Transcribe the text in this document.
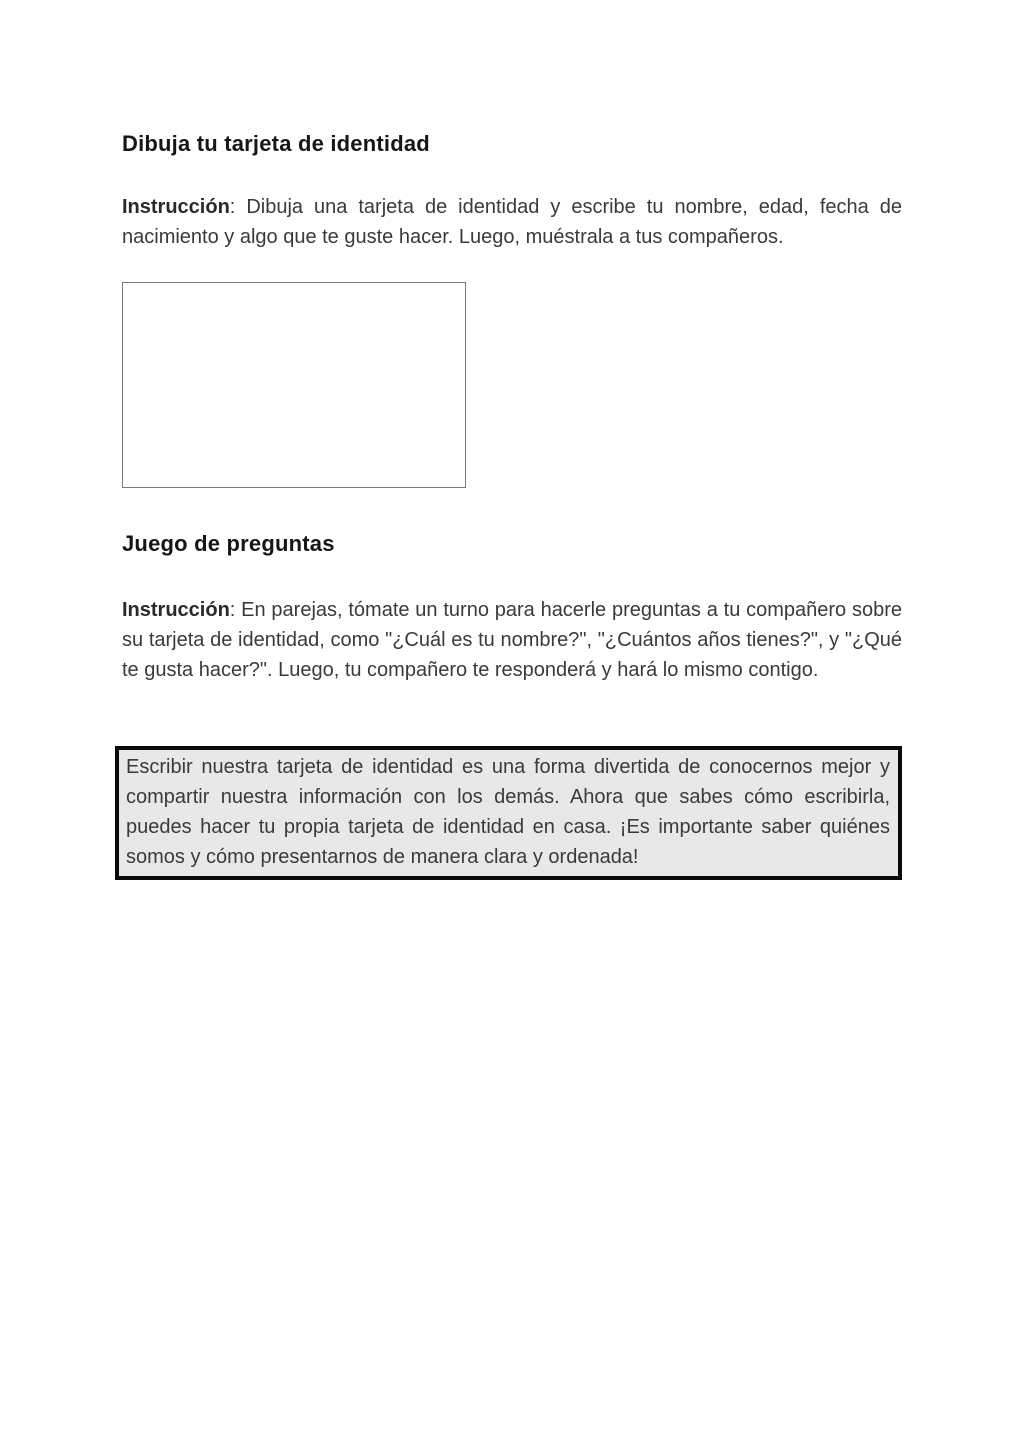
Dibuja tu tarjeta de identidad

Instrucción: Dibuja una tarjeta de identidad y escribe tu nombre, edad, fecha de nacimiento y algo que te guste hacer. Luego, muéstrala a tus compañeros.

Juego de preguntas

Instrucción: En parejas, tómate un turno para hacerle preguntas a tu compañero sobre su tarjeta de identidad, como "¿Cuál es tu nombre?", "¿Cuántos años tienes?", y "¿Qué te gusta hacer?". Luego, tu compañero te responderá y hará lo mismo contigo.

Escribir nuestra tarjeta de identidad es una forma divertida de conocernos mejor y compartir nuestra información con los demás. Ahora que sabes cómo escribirla, puedes hacer tu propia tarjeta de identidad en casa. ¡Es importante saber quiénes somos y cómo presentarnos de manera clara y ordenada!
